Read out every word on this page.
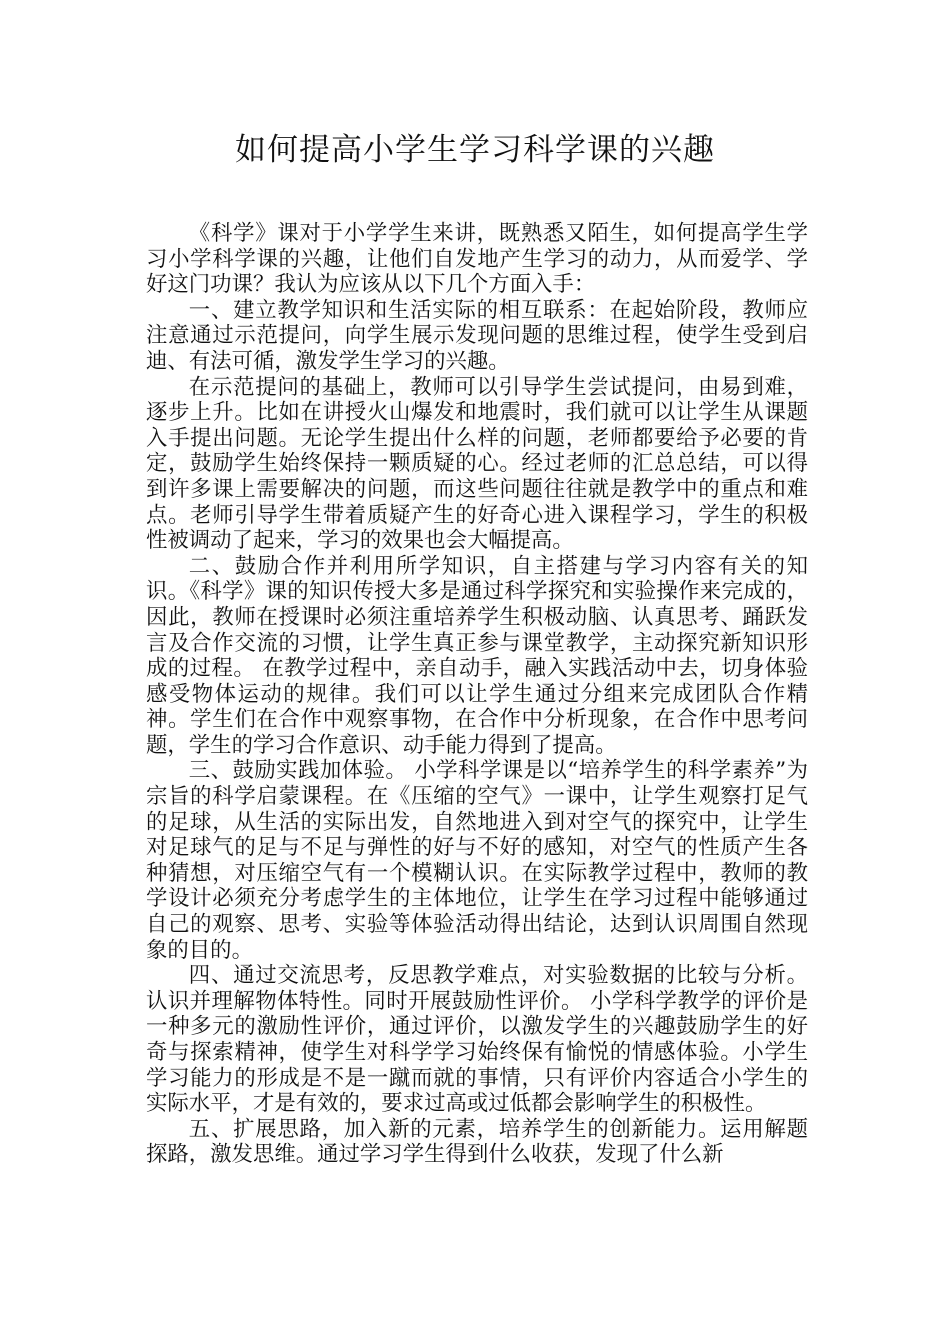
如何提高小学生学习科学课的兴趣

《科学》课对于小学学生来讲，既熟悉又陌生，如何提高学生学习小学科学课的兴趣，让他们自发地产生学习的动力，从而爱学、学好这门功课？我认为应该从以下几个方面入手：

一、建立教学知识和生活实际的相互联系：在起始阶段，教师应注意通过示范提问，向学生展示发现问题的思维过程，使学生受到启迪、有法可循，激发学生学习的兴趣。

在示范提问的基础上，教师可以引导学生尝试提问，由易到难，逐步上升。比如在讲授火山爆发和地震时，我们就可以让学生从课题入手提出问题。无论学生提出什么样的问题，老师都要给予必要的肯定，鼓励学生始终保持一颗质疑的心。经过老师的汇总总结，可以得到许多课上需要解决的问题，而这些问题往往就是教学中的重点和难点。老师引导学生带着质疑产生的好奇心进入课程学习，学生的积极性被调动了起来，学习的效果也会大幅提高。

二、鼓励合作并利用所学知识，自主搭建与学习内容有关的知识。《科学》课的知识传授大多是通过科学探究和实验操作来完成的，因此，教师在授课时必须注重培养学生积极动脑、认真思考、踊跃发言及合作交流的习惯，让学生真正参与课堂教学，主动探究新知识形成的过程。 在教学过程中，亲自动手，融入实践活动中去，切身体验感受物体运动的规律。我们可以让学生通过分组来完成团队合作精神。学生们在合作中观察事物，在合作中分析现象，在合作中思考问题，学生的学习合作意识、动手能力得到了提高。

三、鼓励实践加体验。 小学科学课是以“培养学生的科学素养”为宗旨的科学启蒙课程。在《压缩的空气》一课中，让学生观察打足气的足球，从生活的实际出发，自然地进入到对空气的探究中，让学生对足球气的足与不足与弹性的好与不好的感知，对空气的性质产生各种猜想，对压缩空气有一个模糊认识。在实际教学过程中，教师的教学设计必须充分考虑学生的主体地位，让学生在学习过程中能够通过自己的观察、思考、实验等体验活动得出结论，达到认识周围自然现象的目的。

四、通过交流思考，反思教学难点，对实验数据的比较与分析。认识并理解物体特性。同时开展鼓励性评价。 小学科学教学的评价是一种多元的激励性评价，通过评价，以激发学生的兴趣鼓励学生的好奇与探索精神，使学生对科学学习始终保有愉悦的情感体验。小学生学习能力的形成是不是一蹴而就的事情，只有评价内容适合小学生的实际水平，才是有效的，要求过高或过低都会影响学生的积极性。

五、扩展思路，加入新的元素，培养学生的创新能力。运用解题探路，激发思维。通过学习学生得到什么收获，发现了什么新
